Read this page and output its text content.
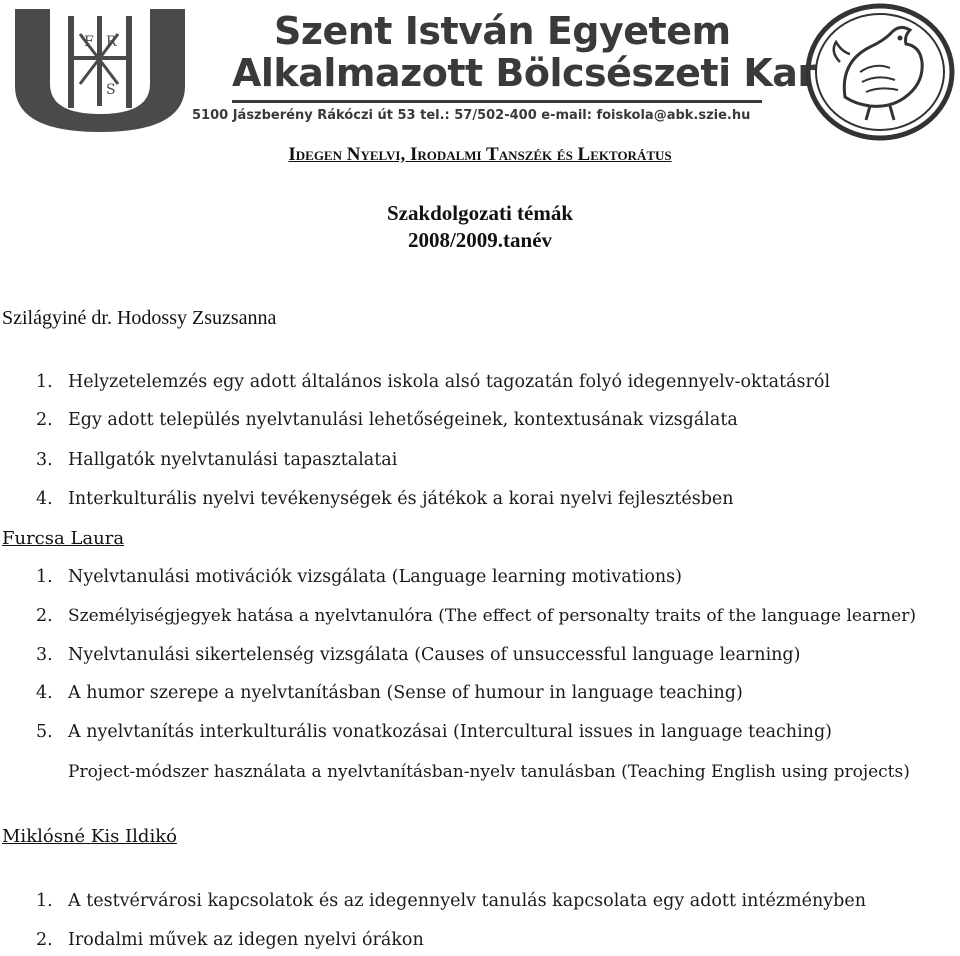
F R
S
Szent István Egyetem
Alkalmazott Bölcsészeti Kar
5100 Jászberény Rákóczi út 53 tel.: 57/502-400 e-mail: foiskola@abk.szie.hu
Idegen Nyelvi, Irodalmi Tanszék és Lektorátus
Szakdolgozati témák
2008/2009.tanév
Szilágyiné dr. Hodossy Zsuzsanna
1. Helyzetelemzés egy adott általános iskola alsó tagozatán folyó idegennyelv-oktatásról
2. Egy adott település nyelvtanulási lehetőségeinek, kontextusának vizsgálata
3. Hallgatók nyelvtanulási tapasztalatai
4. Interkulturális nyelvi tevékenységek és játékok a korai nyelvi fejlesztésben
Furcsa Laura
1. Nyelvtanulási motivációk vizsgálata (Language learning motivations)
2. Személyiségjegyek hatása a nyelvtanulóra (The effect of personalty traits of the language learner)
3. Nyelvtanulási sikertelenség vizsgálata (Causes of unsuccessful language learning)
4. A humor szerepe a nyelvtanításban (Sense of humour in language teaching)
5. A nyelvtanítás interkulturális vonatkozásai (Intercultural issues in language teaching)
Project-módszer használata a nyelvtanításban-nyelv tanulásban (Teaching English using projects)
Miklósné Kis Ildikó
1. A testvérvárosi kapcsolatok és az idegennyelv tanulás kapcsolata egy adott intézményben
2. Irodalmi művek az idegen nyelvi órákon
